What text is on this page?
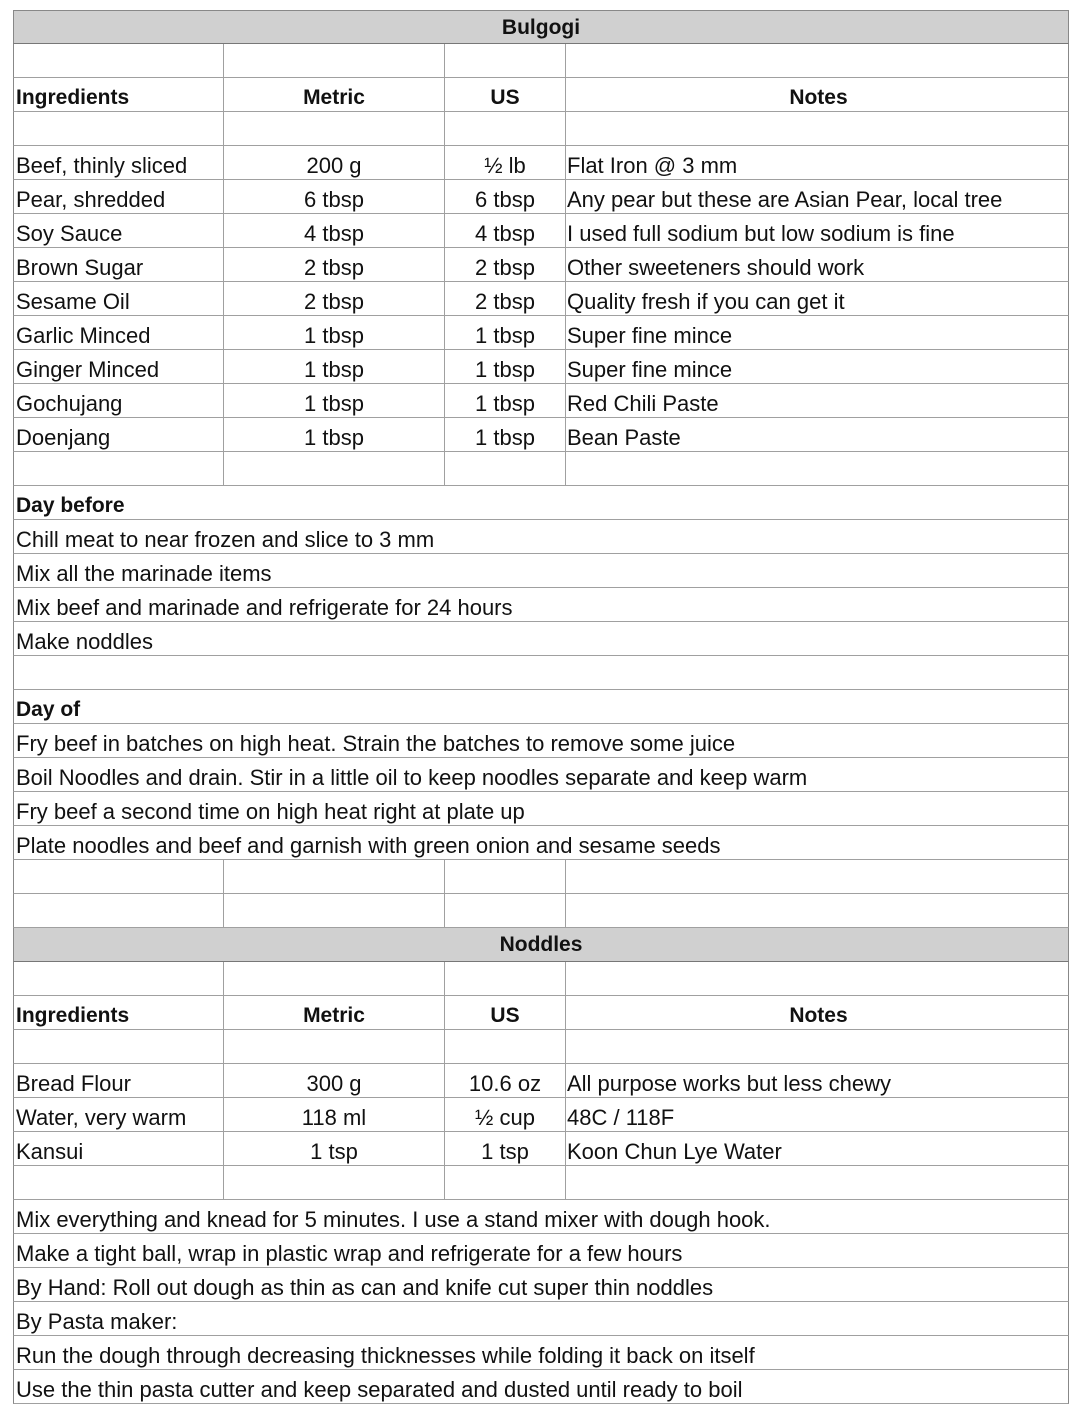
Bulgogi
Ingredients	Metric	US	Notes
Beef, thinly sliced	200 g	½ lb	Flat Iron @ 3 mm
Pear, shredded	6 tbsp	6 tbsp	Any pear but these are Asian Pear, local tree
Soy Sauce	4 tbsp	4 tbsp	I used full sodium but low sodium is fine
Brown Sugar	2 tbsp	2 tbsp	Other sweeteners should work
Sesame Oil	2 tbsp	2 tbsp	Quality fresh if you can get it
Garlic Minced	1 tbsp	1 tbsp	Super fine mince
Ginger Minced	1 tbsp	1 tbsp	Super fine mince
Gochujang	1 tbsp	1 tbsp	Red Chili Paste
Doenjang	1 tbsp	1 tbsp	Bean Paste
Day before
Chill meat to near frozen and slice to 3 mm
Mix all the marinade items
Mix beef and marinade and refrigerate for 24 hours
Make noddles
Day of
Fry beef in batches on high heat. Strain the batches to remove some juice
Boil Noodles and drain. Stir in a little oil to keep noodles separate and keep warm
Fry beef a second time on high heat right at plate up
Plate noodles and beef and garnish with green onion and sesame seeds
Noddles
Ingredients	Metric	US	Notes
Bread Flour	300 g	10.6 oz	All purpose works but less chewy
Water, very warm	118 ml	½ cup	48C / 118F
Kansui	1 tsp	1 tsp	Koon Chun Lye Water
Mix everything and knead for 5 minutes. I use a stand mixer with dough hook.
Make a tight ball, wrap in plastic wrap and refrigerate for a few hours
By Hand: Roll out dough as thin as can and knife cut super thin noddles
By Pasta maker:
Run the dough through decreasing thicknesses while folding it back on itself
Use the thin pasta cutter and keep separated and dusted until ready to boil
